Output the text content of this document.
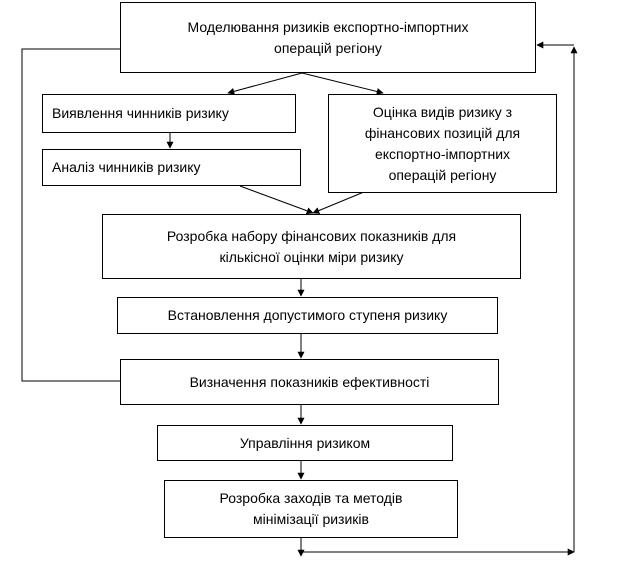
Моделювання ризиків експортно-імпортних
операцій регіону
Виявлення чинників ризику
Аналіз чинників ризику
Оцінка видів ризику з
фінансових позицій для
експортно-імпортних
операцій регіону
Розробка набору фінансових показників для
кількісної оцінки міри ризику
Встановлення допустимого ступеня ризику
Визначення показників ефективності
Управління ризиком
Розробка заходів та методів
мінімізації ризиків
